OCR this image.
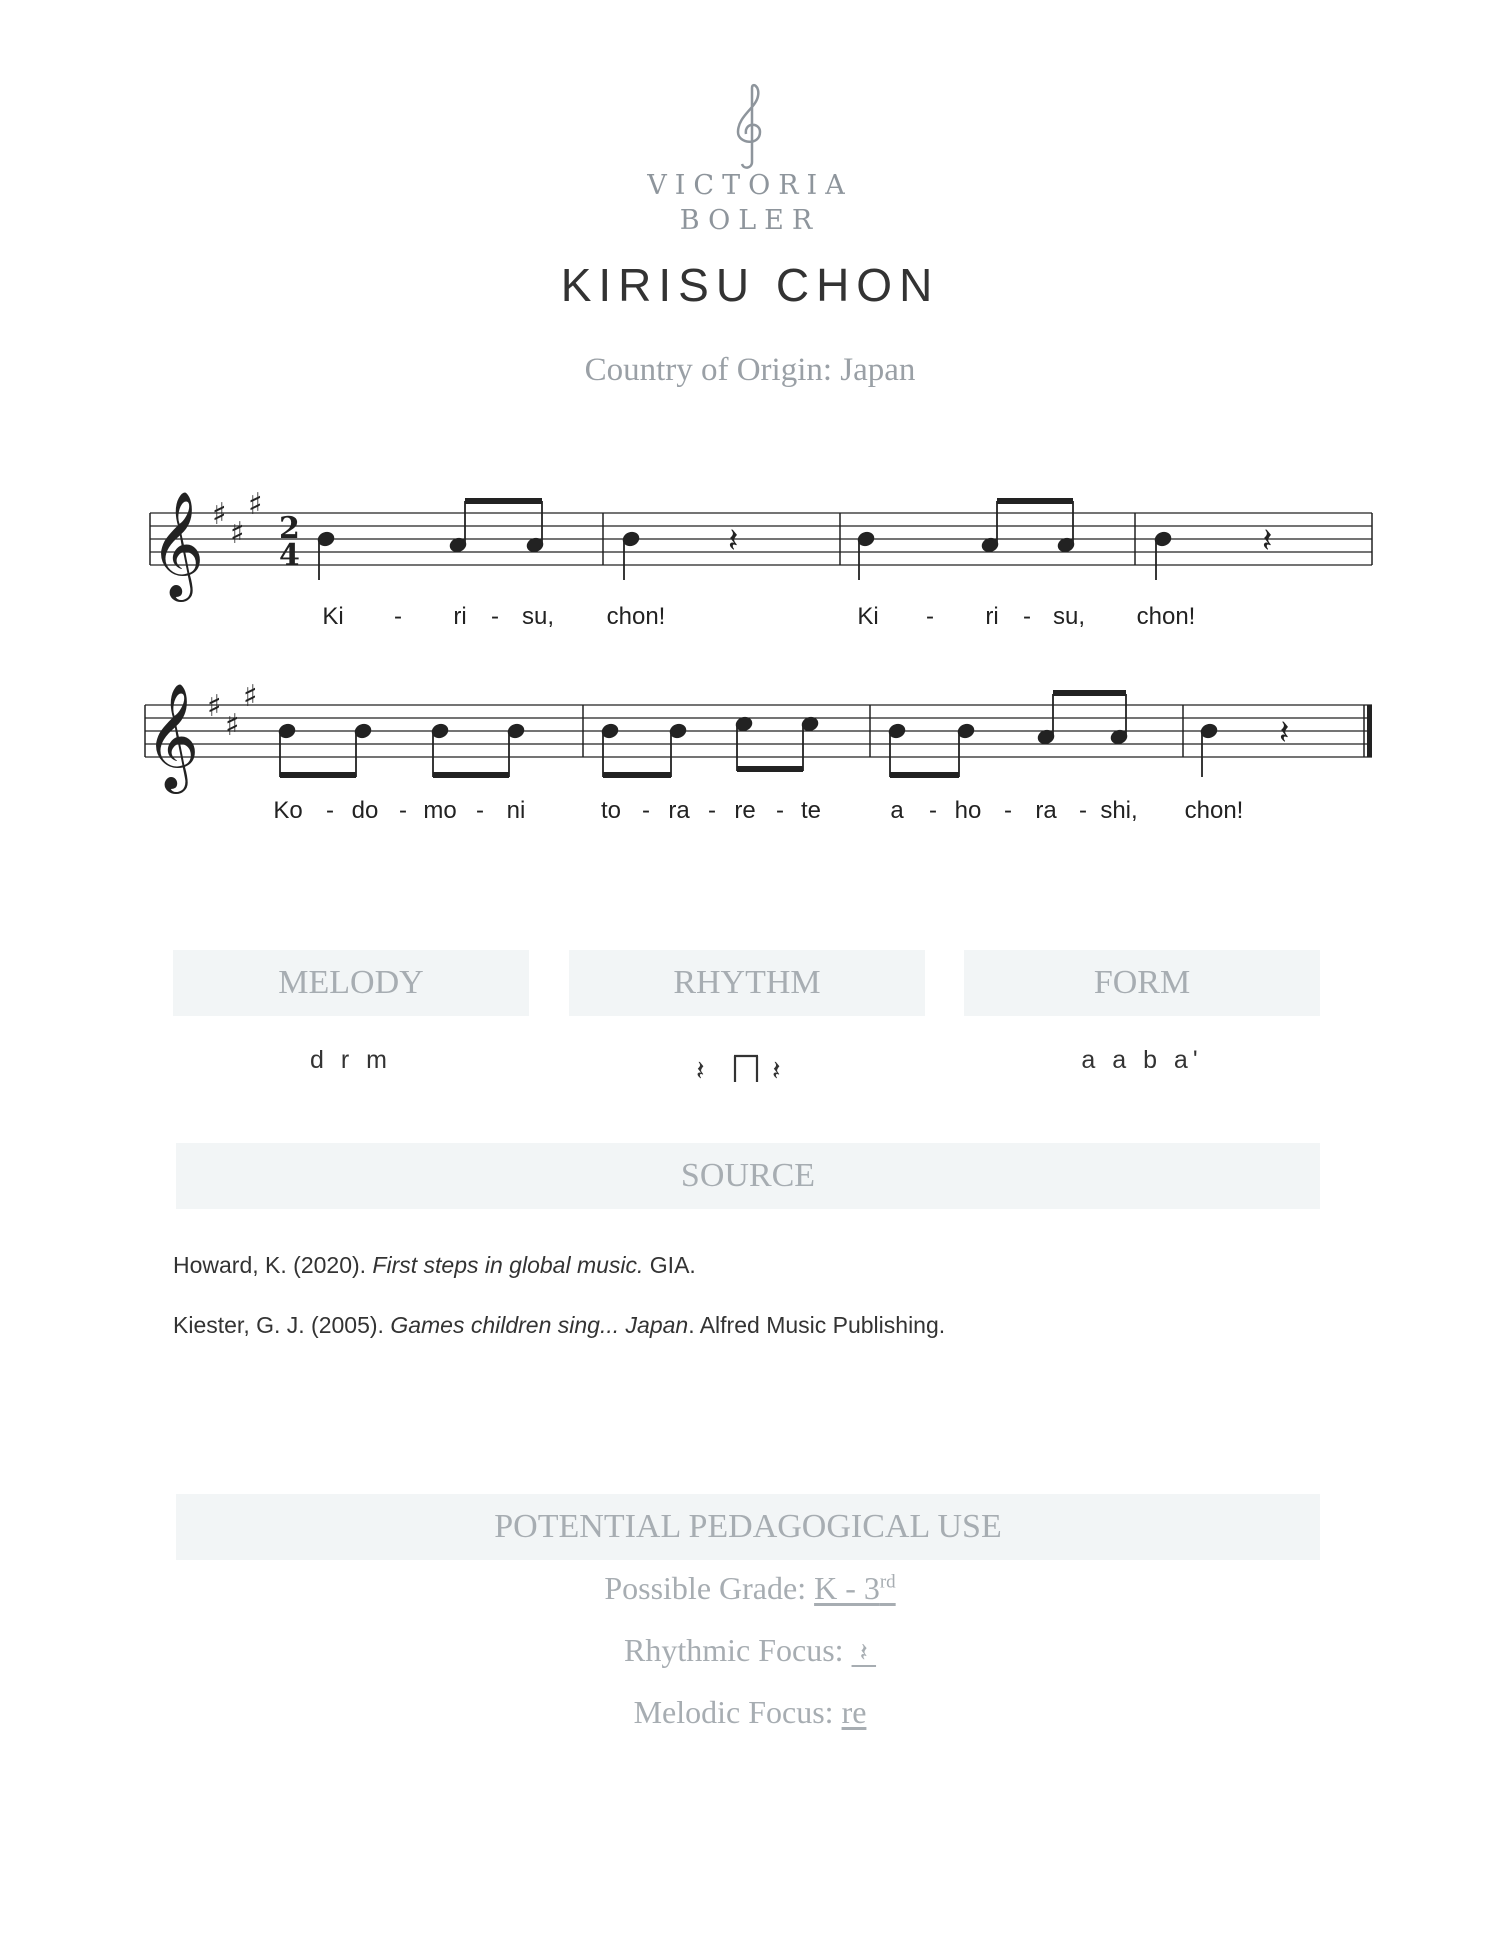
VICTORIA
BOLER
KIRISU CHON
Country of Origin: Japan
𝄞
𝄞
♯
♯
♯
♯
♯
♯
2
4	𝄽	𝄽
𝄽
Ki - ri - su, chon!	Ki - ri - su, chon!
Ko - do - mo - ni	to - ra - re - te	a - ho - ra - shi, chon!
MELODY	RHYTHM	FORM
d r m	𝄽 𝄽	a a b a'
SOURCE
Howard, K. (2020). First steps in global music. GIA.
Kiester, G. J. (2005). Games children sing... Japan. Alfred Music Publishing.
POTENTIAL PEDAGOGICAL USE
Possible Grade: K - 3rd
Rhythmic Focus:  𝄽
Melodic Focus: re
